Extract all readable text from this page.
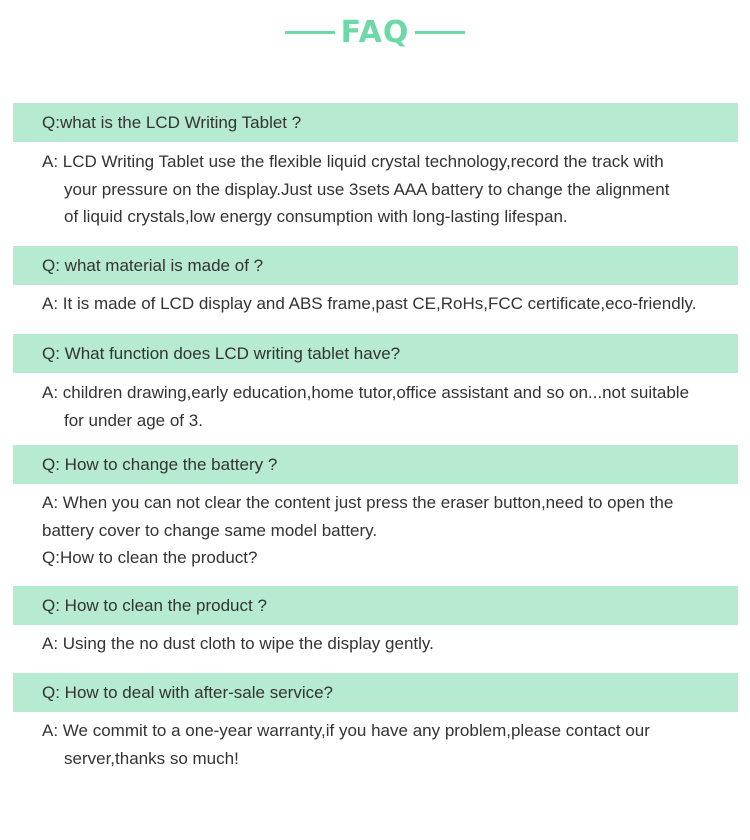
FAQ
Q:what is the LCD Writing Tablet ?
A: LCD Writing Tablet use the flexible liquid crystal technology,record the track with
your pressure on the display.Just use 3sets AAA battery to change the alignment
of liquid crystals,low energy consumption with long-lasting lifespan.
Q: what material is made of ?
A: It is made of LCD display and ABS frame,past CE,RoHs,FCC certificate,eco-friendly.
Q: What function does LCD writing tablet have?
A: children drawing,early education,home tutor,office assistant and so on...not suitable
for under age of 3.
Q: How to change the battery ?
A: When you can not clear the content just press the eraser button,need to open the
battery cover to change same model battery.
Q:How to clean the product?
Q: How to clean the product ?
A: Using the no dust cloth to wipe the display gently.
Q: How to deal with after-sale service?
A: We commit to a one-year warranty,if you have any problem,please contact our
server,thanks so much!
